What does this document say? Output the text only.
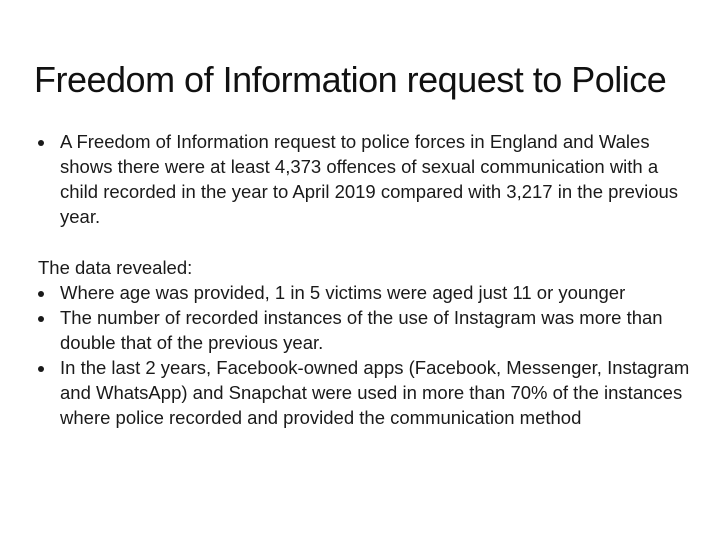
Freedom of Information request to Police
A Freedom of Information request to police forces in England and Wales shows there were at least 4,373 offences of sexual communication with a child recorded in the year to April 2019 compared with 3,217 in the previous year.

The data revealed:

Where age was provided, 1 in 5 victims were aged just 11 or younger
The number of recorded instances of the use of Instagram was more than double that of the previous year.
In the last 2 years, Facebook-owned apps (Facebook, Messenger, Instagram and WhatsApp) and Snapchat were used in more than 70% of the instances where police recorded and provided the communication method
